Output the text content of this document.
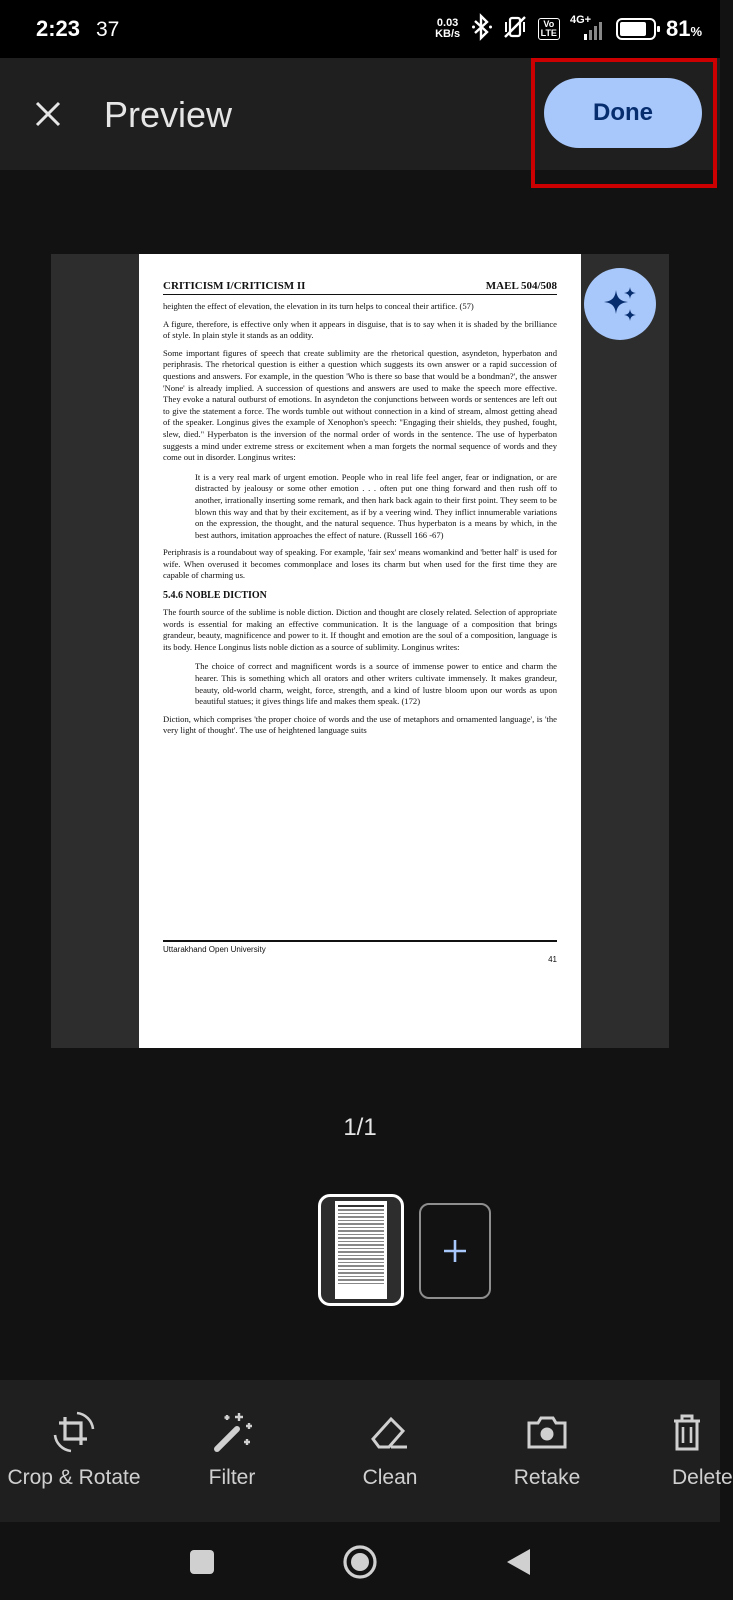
2:23 37	0.03
KB/s
Vo
LTE
4G+	81%
Preview	Done
CRITICISM I/CRITICISM II	MAEL 504/508
heighten the effect of elevation, the elevation in its turn helps to conceal their artifice. (57)
A figure, therefore, is effective only when it appears in disguise, that is to say when it is shaded by the brilliance of style. In plain style it stands as an oddity.
Some important figures of speech that create sublimity are the rhetorical question, asyndeton, hyperbaton and periphrasis. The rhetorical question is either a question which suggests its own answer or a rapid succession of questions and answers. For example, in the question 'Who is there so base that would be a bondman?', the answer 'None' is already implied. A succession of questions and answers are used to make the speech more effective. They evoke a natural outburst of emotions. In asyndeton the conjunctions between words or sentences are left out to give the statement a force. The words tumble out without connection in a kind of stream, almost getting ahead of the speaker. Longinus gives the example of Xenophon's speech: "Engaging their shields, they pushed, fought, slew, died." Hyperbaton is the inversion of the normal order of words in the sentence. The use of hyperbaton suggests a mind under extreme stress or excitement when a man forgets the normal sequence of words and they come out in disorder. Longinus writes:
It is a very real mark of urgent emotion. People who in real life feel anger, fear or indignation, or are distracted by jealousy or some other emotion . . . often put one thing forward and then rush off to another, irrationally inserting some remark, and then hark back again to their first point. They seem to be blown this way and that by their excitement, as if by a veering wind. They inflict innumerable variations on the expression, the thought, and the natural sequence. Thus hyperbaton is a means by which, in the best authors, imitation approaches the effect of nature. (Russell 166 -67)
Periphrasis is a roundabout way of speaking. For example, 'fair sex' means womankind and 'better half' is used for wife. When overused it becomes commonplace and loses its charm but when used for the first time they are capable of charming us.
5.4.6 NOBLE DICTION
The fourth source of the sublime is noble diction. Diction and thought are closely related. Selection of appropriate words is essential for making an effective communication. It is the language of a composition that brings grandeur, beauty, magnificence and power to it. If thought and emotion are the soul of a composition, language is its body. Hence Longinus lists noble diction as a source of sublimity. Longinus writes:
The choice of correct and magnificent words is a source of immense power to entice and charm the hearer. This is something which all orators and other writers cultivate immensely. It makes grandeur, beauty, old-world charm, weight, force, strength, and a kind of lustre bloom upon our words as upon beautiful statues; it gives things life and makes them speak. (172)
Diction, which comprises 'the proper choice of words and the use of metaphors and ornamented language', is 'the very light of thought'. The use of heightened language suits
Uttarakhand Open University
41
1/1
Crop & Rotate	Filter	Clean	Retake	Delete
